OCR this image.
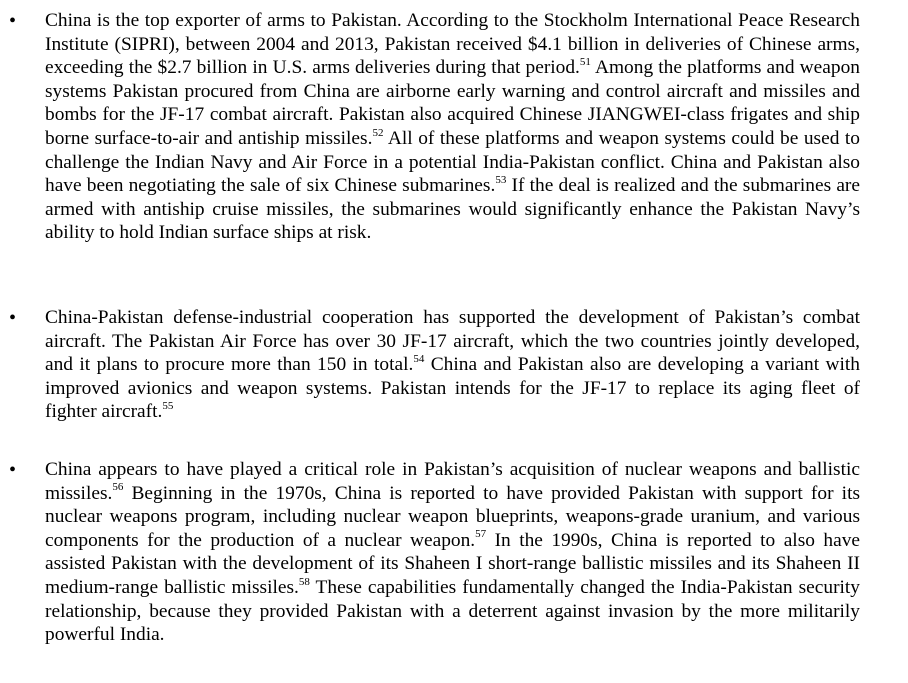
• China is the top exporter of arms to Pakistan. According to the Stockholm International Peace Research Institute (SIPRI), between 2004 and 2013, Pakistan received $4.1 billion in deliveries of Chinese arms, exceeding the $2.7 billion in U.S. arms deliveries during that period.$^{51}$ Among the platforms and weapon systems Pakistan procured from China are airborne early warning and control aircraft and missiles and bombs for the JF-17 combat aircraft. Pakistan also acquired Chinese JIANGWEI-class frigates and ship borne surface-to-air and antiship missiles.$^{52}$ All of these platforms and weapon systems could be used to challenge the Indian Navy and Air Force in a potential India-Pakistan conflict. China and Pakistan also have been negotiating the sale of six Chinese submarines.$^{53}$ If the deal is realized and the submarines are armed with antiship cruise missiles, the submarines would significantly enhance the Pakistan Navy’s ability to hold Indian surface ships at risk.

• China-Pakistan defense-industrial cooperation has supported the development of Pakistan’s combat aircraft. The Pakistan Air Force has over 30 JF-17 aircraft, which the two countries jointly developed, and it plans to procure more than 150 in total.$^{54}$ China and Pakistan also are developing a variant with improved avionics and weapon systems. Pakistan intends for the JF-17 to replace its aging fleet of fighter aircraft.$^{55}$

• China appears to have played a critical role in Pakistan’s acquisition of nuclear weapons and ballistic missiles.$^{56}$ Beginning in the 1970s, China is reported to have provided Pakistan with support for its nuclear weapons program, including nuclear weapon blueprints, weapons-grade uranium, and various components for the production of a nuclear weapon.$^{57}$ In the 1990s, China is reported to also have assisted Pakistan with the development of its Shaheen I short-range ballistic missiles and its Shaheen II medium-range ballistic missiles.$^{58}$ These capabilities fundamentally changed the India-Pakistan security relationship, because they provided Pakistan with a deterrent against invasion by the more militarily powerful India.
